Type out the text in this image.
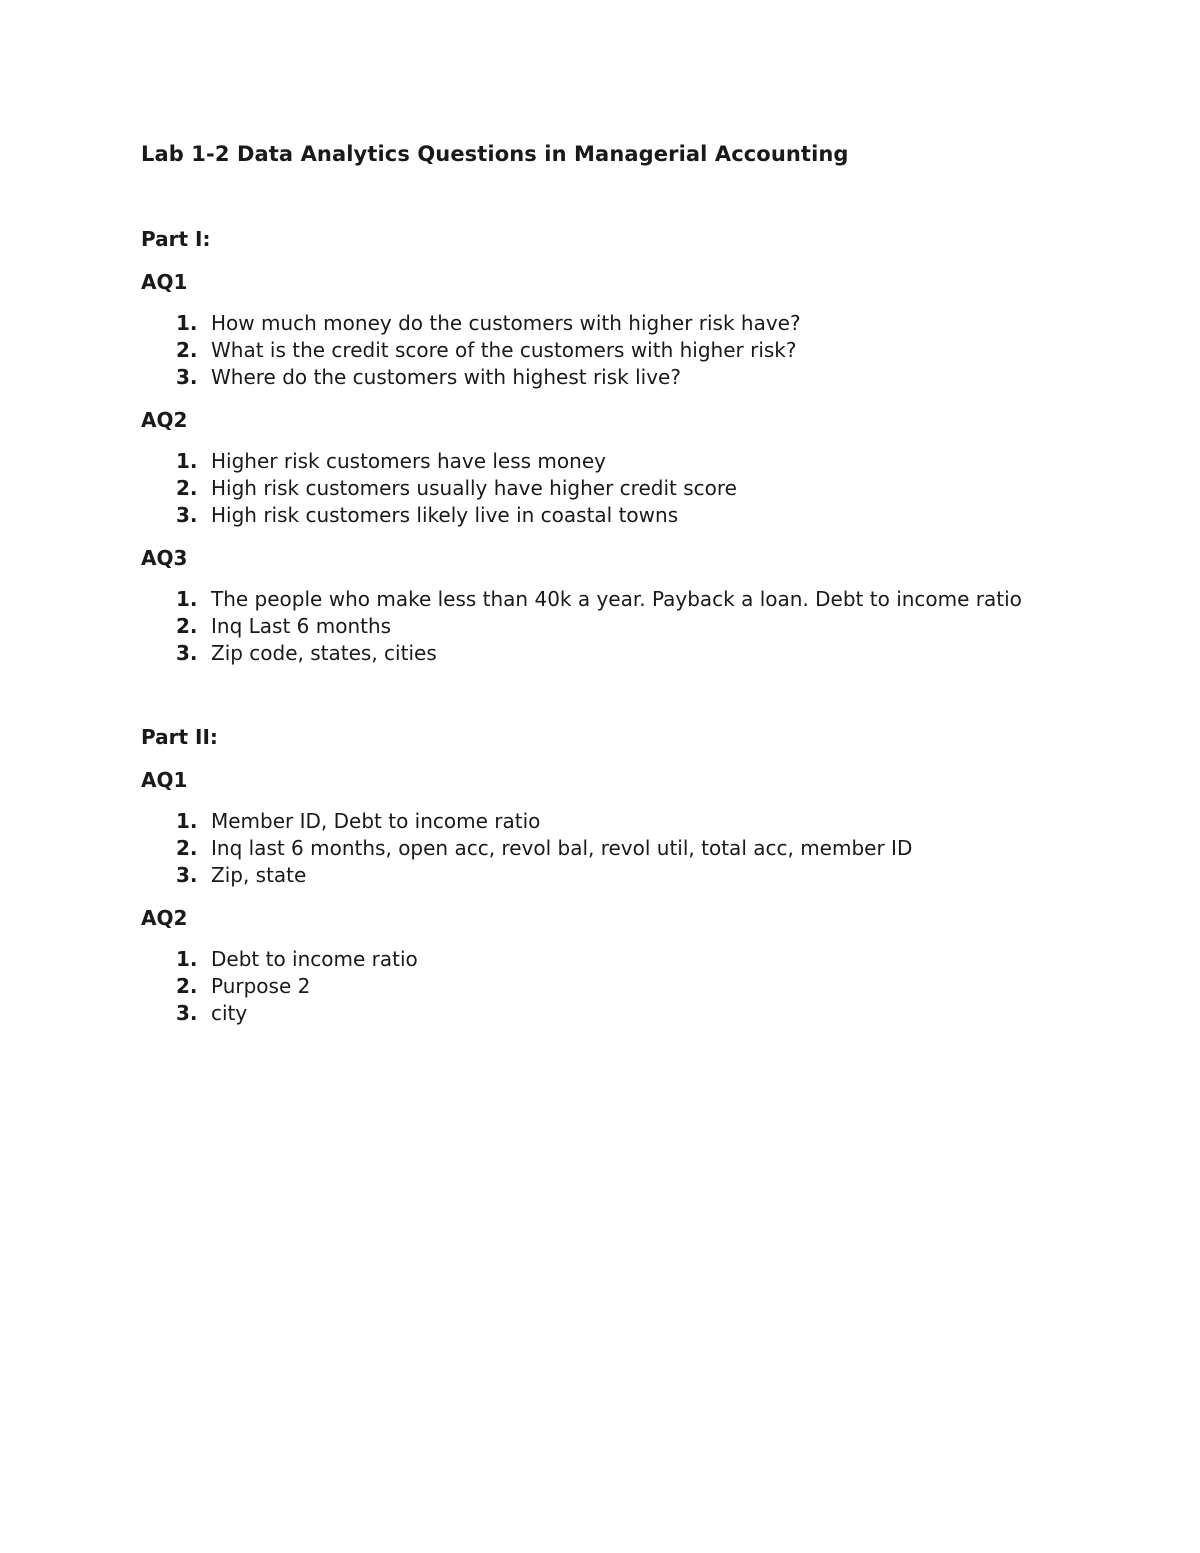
Lab 1-2 Data Analytics Questions in Managerial Accounting
Part I:
AQ1
1. How much money do the customers with higher risk have?
2. What is the credit score of the customers with higher risk?
3. Where do the customers with highest risk live?
AQ2
1. Higher risk customers have less money
2. High risk customers usually have higher credit score
3. High risk customers likely live in coastal towns
AQ3
1. The people who make less than 40k a year. Payback a loan. Debt to income ratio
2. Inq Last 6 months
3. Zip code, states, cities
Part II:
AQ1
1. Member ID, Debt to income ratio
2. Inq last 6 months, open acc, revol bal, revol util, total acc, member ID
3. Zip, state
AQ2
1. Debt to income ratio
2. Purpose 2
3. city
